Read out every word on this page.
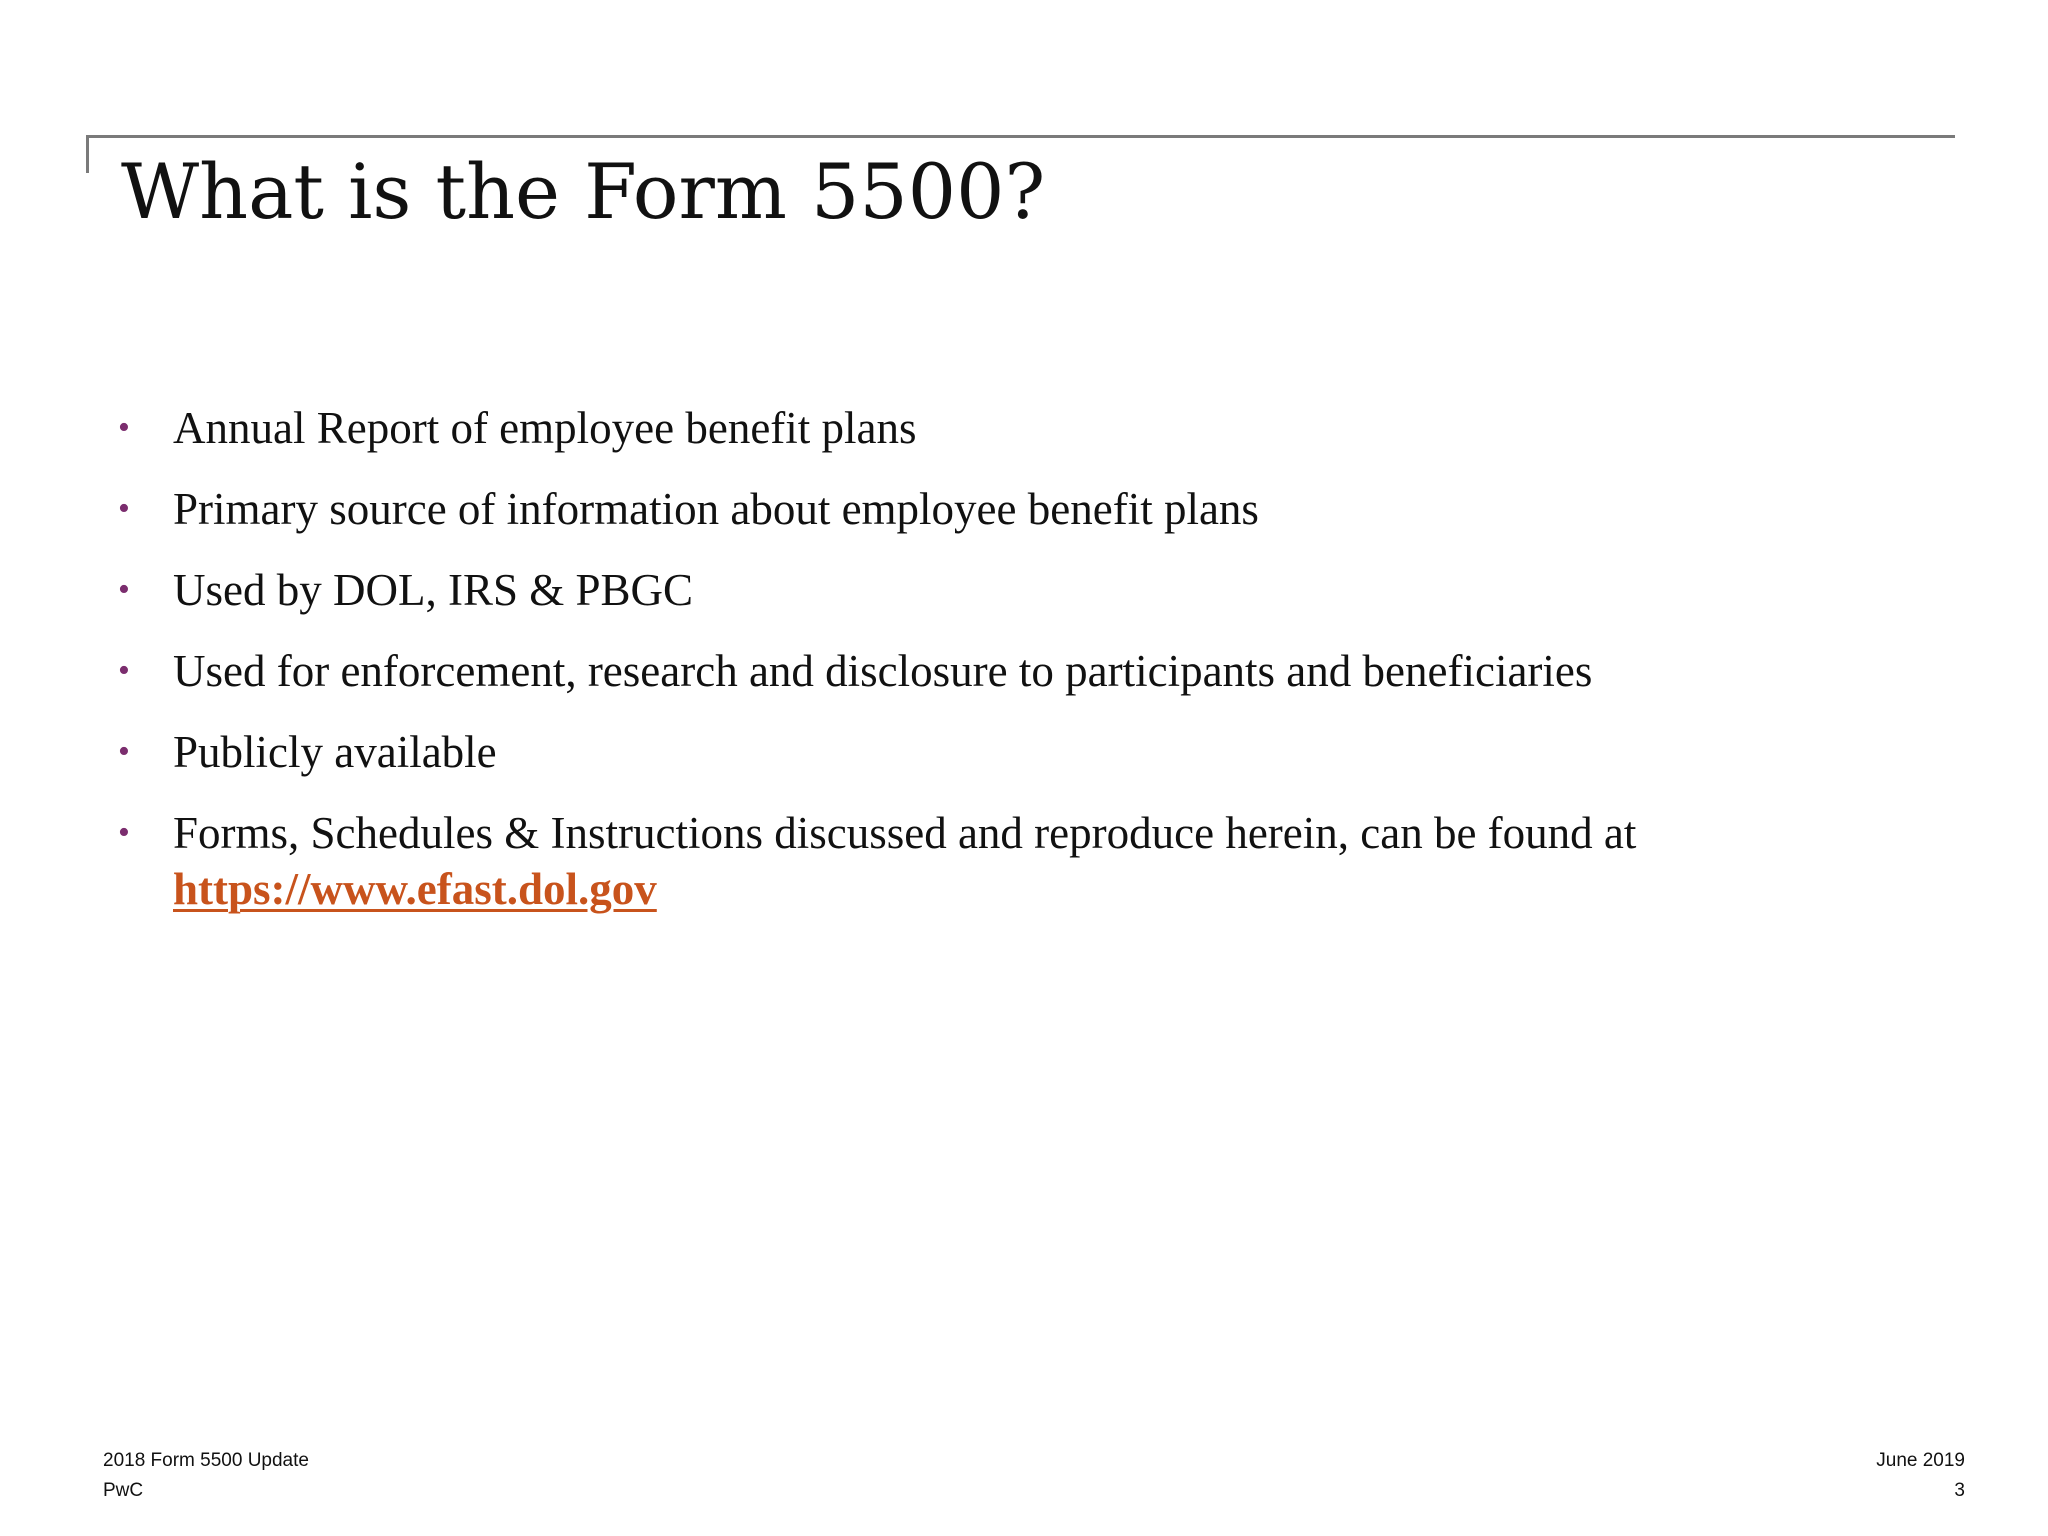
What is the Form 5500?
• Annual Report of employee benefit plans
• Primary source of information about employee benefit plans
• Used by DOL, IRS & PBGC
• Used for enforcement, research and disclosure to participants and beneficiaries
• Publicly available
• Forms, Schedules & Instructions discussed and reproduce herein, can be found at
https://www.efast.dol.gov
2018 Form 5500 Update
PwC
June 2019
3
